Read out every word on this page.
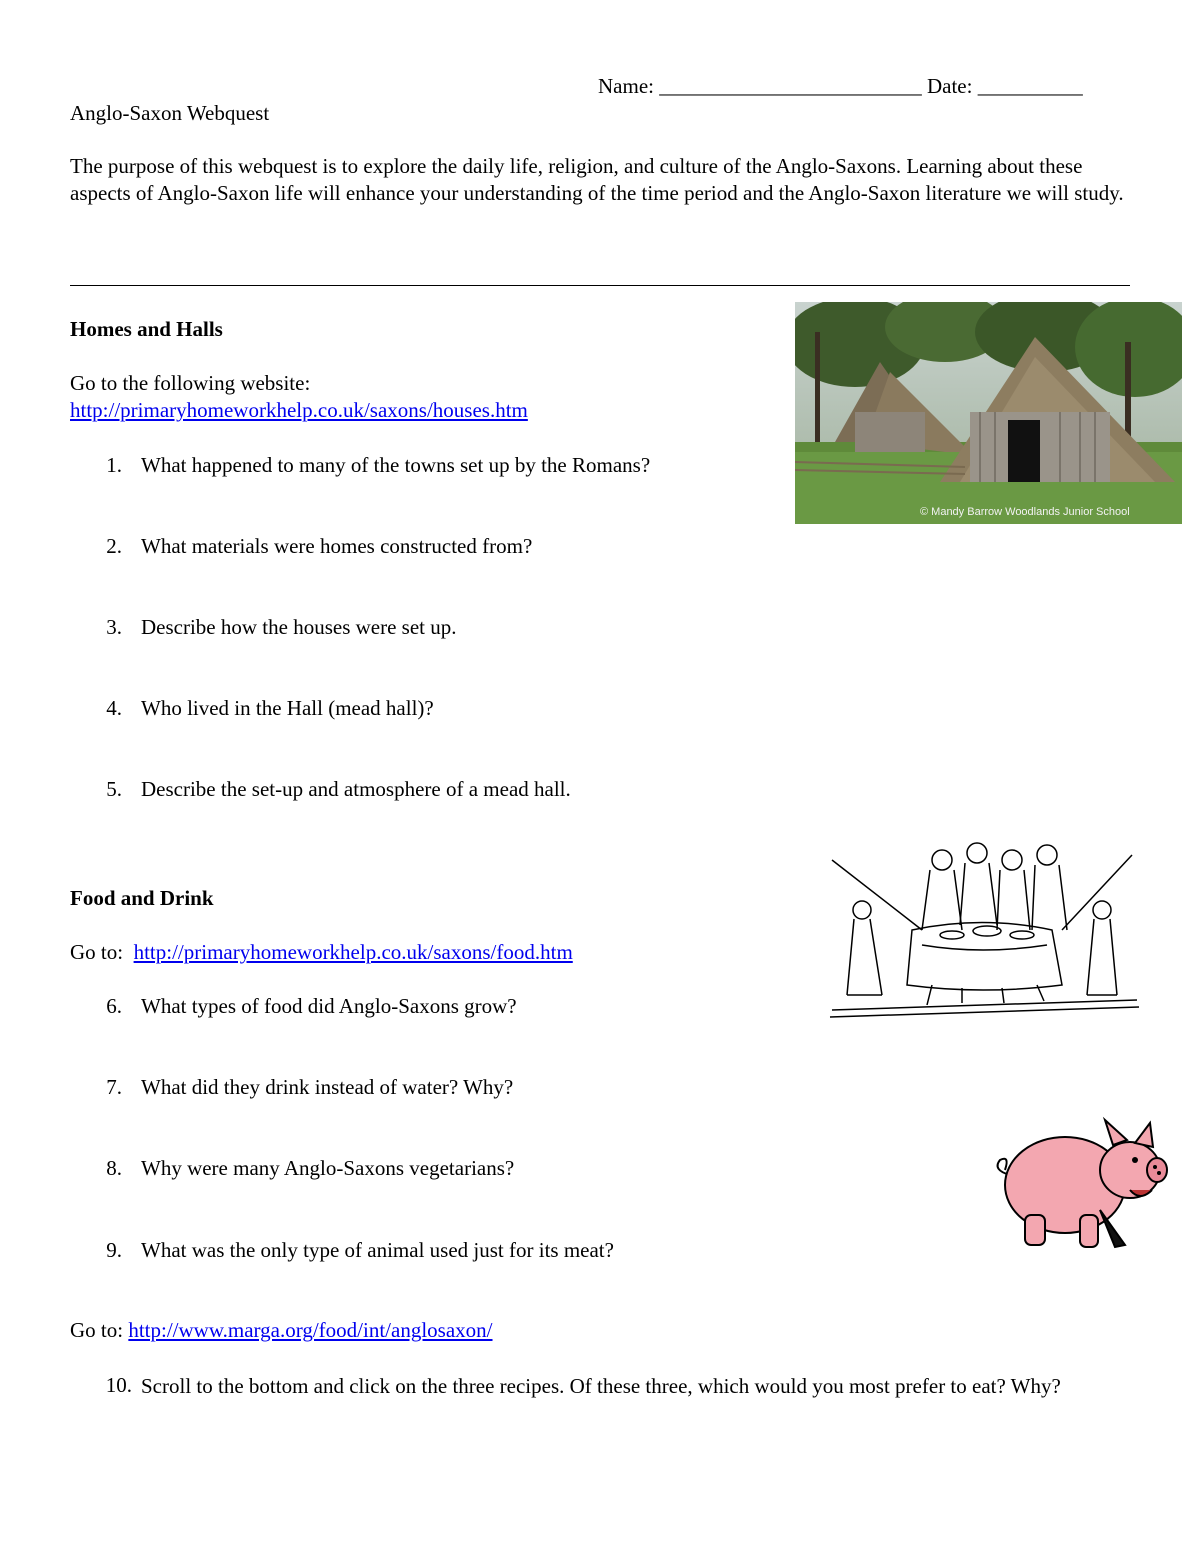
Name: _________________________ Date: __________
Anglo-Saxon Webquest
The purpose of this webquest is to explore the daily life, religion, and culture of the Anglo-Saxons. Learning about these aspects of Anglo-Saxon life will enhance your understanding of the time period and the Anglo-Saxon literature we will study.
Homes and Halls
Go to the following website:
http://primaryhomeworkhelp.co.uk/saxons/houses.htm
1. What happened to many of the towns set up by the Romans?
2. What materials were homes constructed from?
3. Describe how the houses were set up.
4. Who lived in the Hall (mead hall)?
5. Describe the set-up and atmosphere of a mead hall.
© Mandy Barrow Woodlands Junior School
Food and Drink
Go to:  http://primaryhomeworkhelp.co.uk/saxons/food.htm
6. What types of food did Anglo-Saxons grow?
7. What did they drink instead of water? Why?
8. Why were many Anglo-Saxons vegetarians?
9. What was the only type of animal used just for its meat?
Go to: http://www.marga.org/food/int/anglosaxon/
10. Scroll to the bottom and click on the three recipes. Of these three, which would you most prefer to eat? Why?
